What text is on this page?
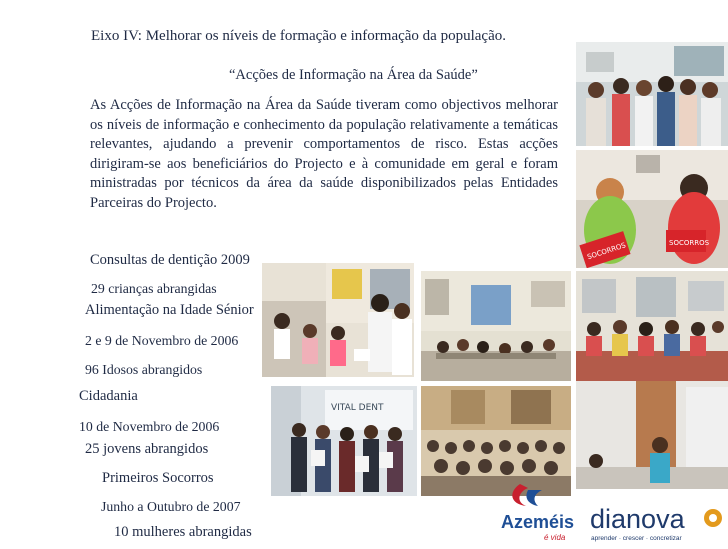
Eixo IV: Melhorar os níveis de formação e informação da população.
“Acções de Informação na Área da Saúde”
As Acções de Informação na Área da Saúde tiveram como objectivos melhorar os níveis de informação e conhecimento da população relativamente a temáticas relevantes, ajudando a prevenir comportamentos de risco. Estas acções dirigiram-se aos beneficiários do Projecto e à comunidade em geral e foram ministradas por técnicos da área da saúde disponibilizados pelas Entidades Parceiras do Projecto.
Consultas de dentição 2009
29 crianças abrangidas
Alimentação na Idade Sénior
2 e 9 de Novembro de 2006
96 Idosos abrangidos
Cidadania
10 de Novembro de 2006
25 jovens abrangidos
Primeiros Socorros
Junho a Outubro de 2007
10 mulheres abrangidas
SOCORROS	SOCORROS
VITAL DENT
Azeméis
é vida
dianova
aprender · crescer · concretizar
